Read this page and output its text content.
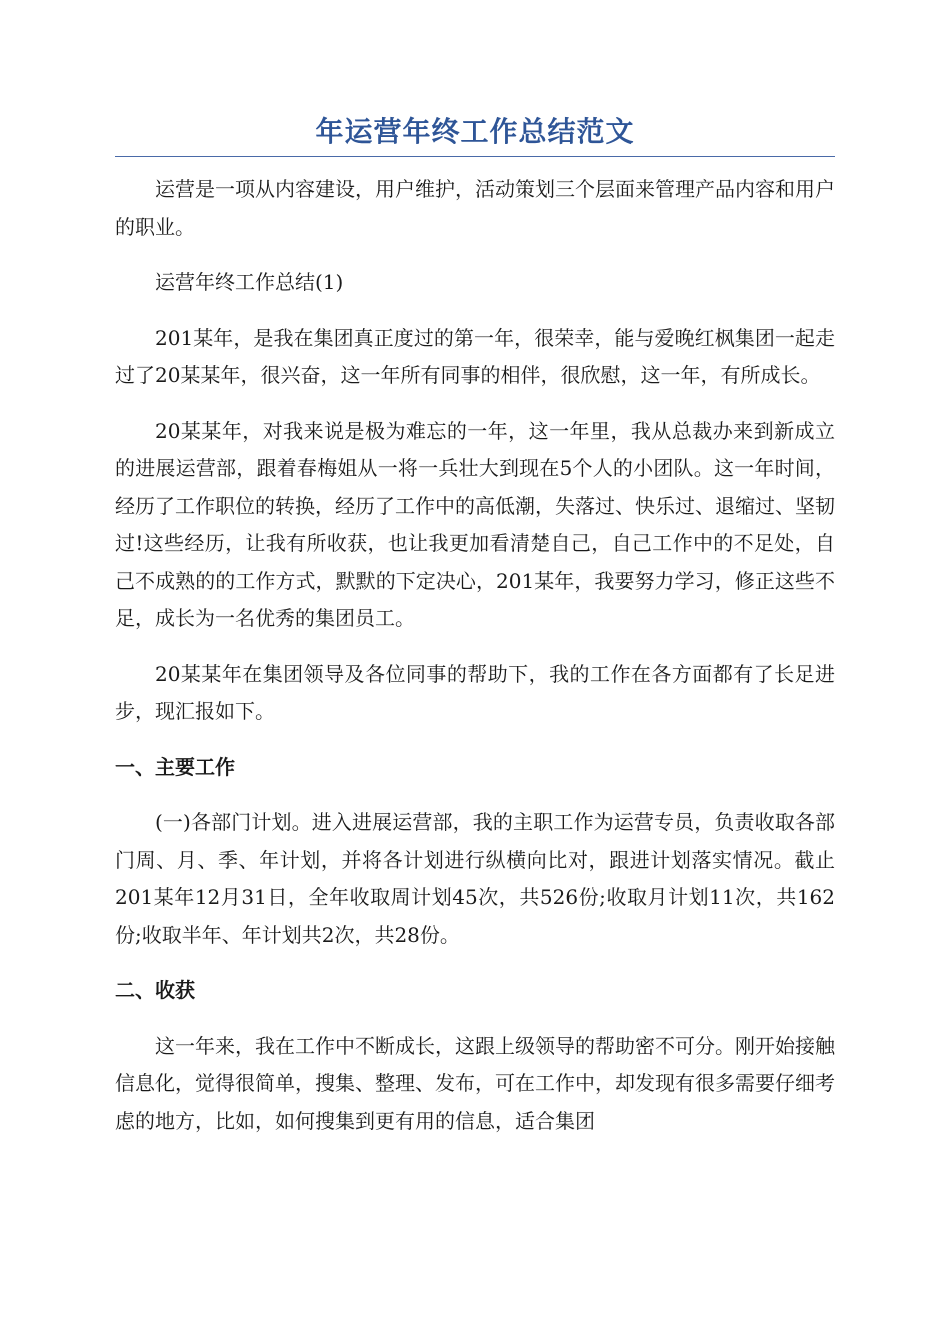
年运营年终工作总结范文

运营是一项从内容建设，用户维护，活动策划三个层面来管理产品内容和用户的职业。

运营年终工作总结(1)

201某年，是我在集团真正度过的第一年，很荣幸，能与爱晚红枫集团一起走过了20某某年，很兴奋，这一年所有同事的相伴，很欣慰，这一年，有所成长。

20某某年，对我来说是极为难忘的一年，这一年里，我从总裁办来到新成立的进展运营部，跟着春梅姐从一将一兵壮大到现在5个人的小团队。这一年时间，经历了工作职位的转换，经历了工作中的高低潮，失落过、快乐过、退缩过、坚韧过!这些经历，让我有所收获，也让我更加看清楚自己，自己工作中的不足处，自己不成熟的的工作方式，默默的下定决心，201某年，我要努力学习，修正这些不足，成长为一名优秀的集团员工。

20某某年在集团领导及各位同事的帮助下，我的工作在各方面都有了长足进步，现汇报如下。

一、主要工作

(一)各部门计划。进入进展运营部，我的主职工作为运营专员，负责收取各部门周、月、季、年计划，并将各计划进行纵横向比对，跟进计划落实情况。截止201某年12月31日，全年收取周计划45次，共526份;收取月计划11次，共162份;收取半年、年计划共2次，共28份。

二、收获

这一年来，我在工作中不断成长，这跟上级领导的帮助密不可分。刚开始接触信息化，觉得很简单，搜集、整理、发布，可在工作中，却发现有很多需要仔细考虑的地方，比如，如何搜集到更有用的信息，适合集团
